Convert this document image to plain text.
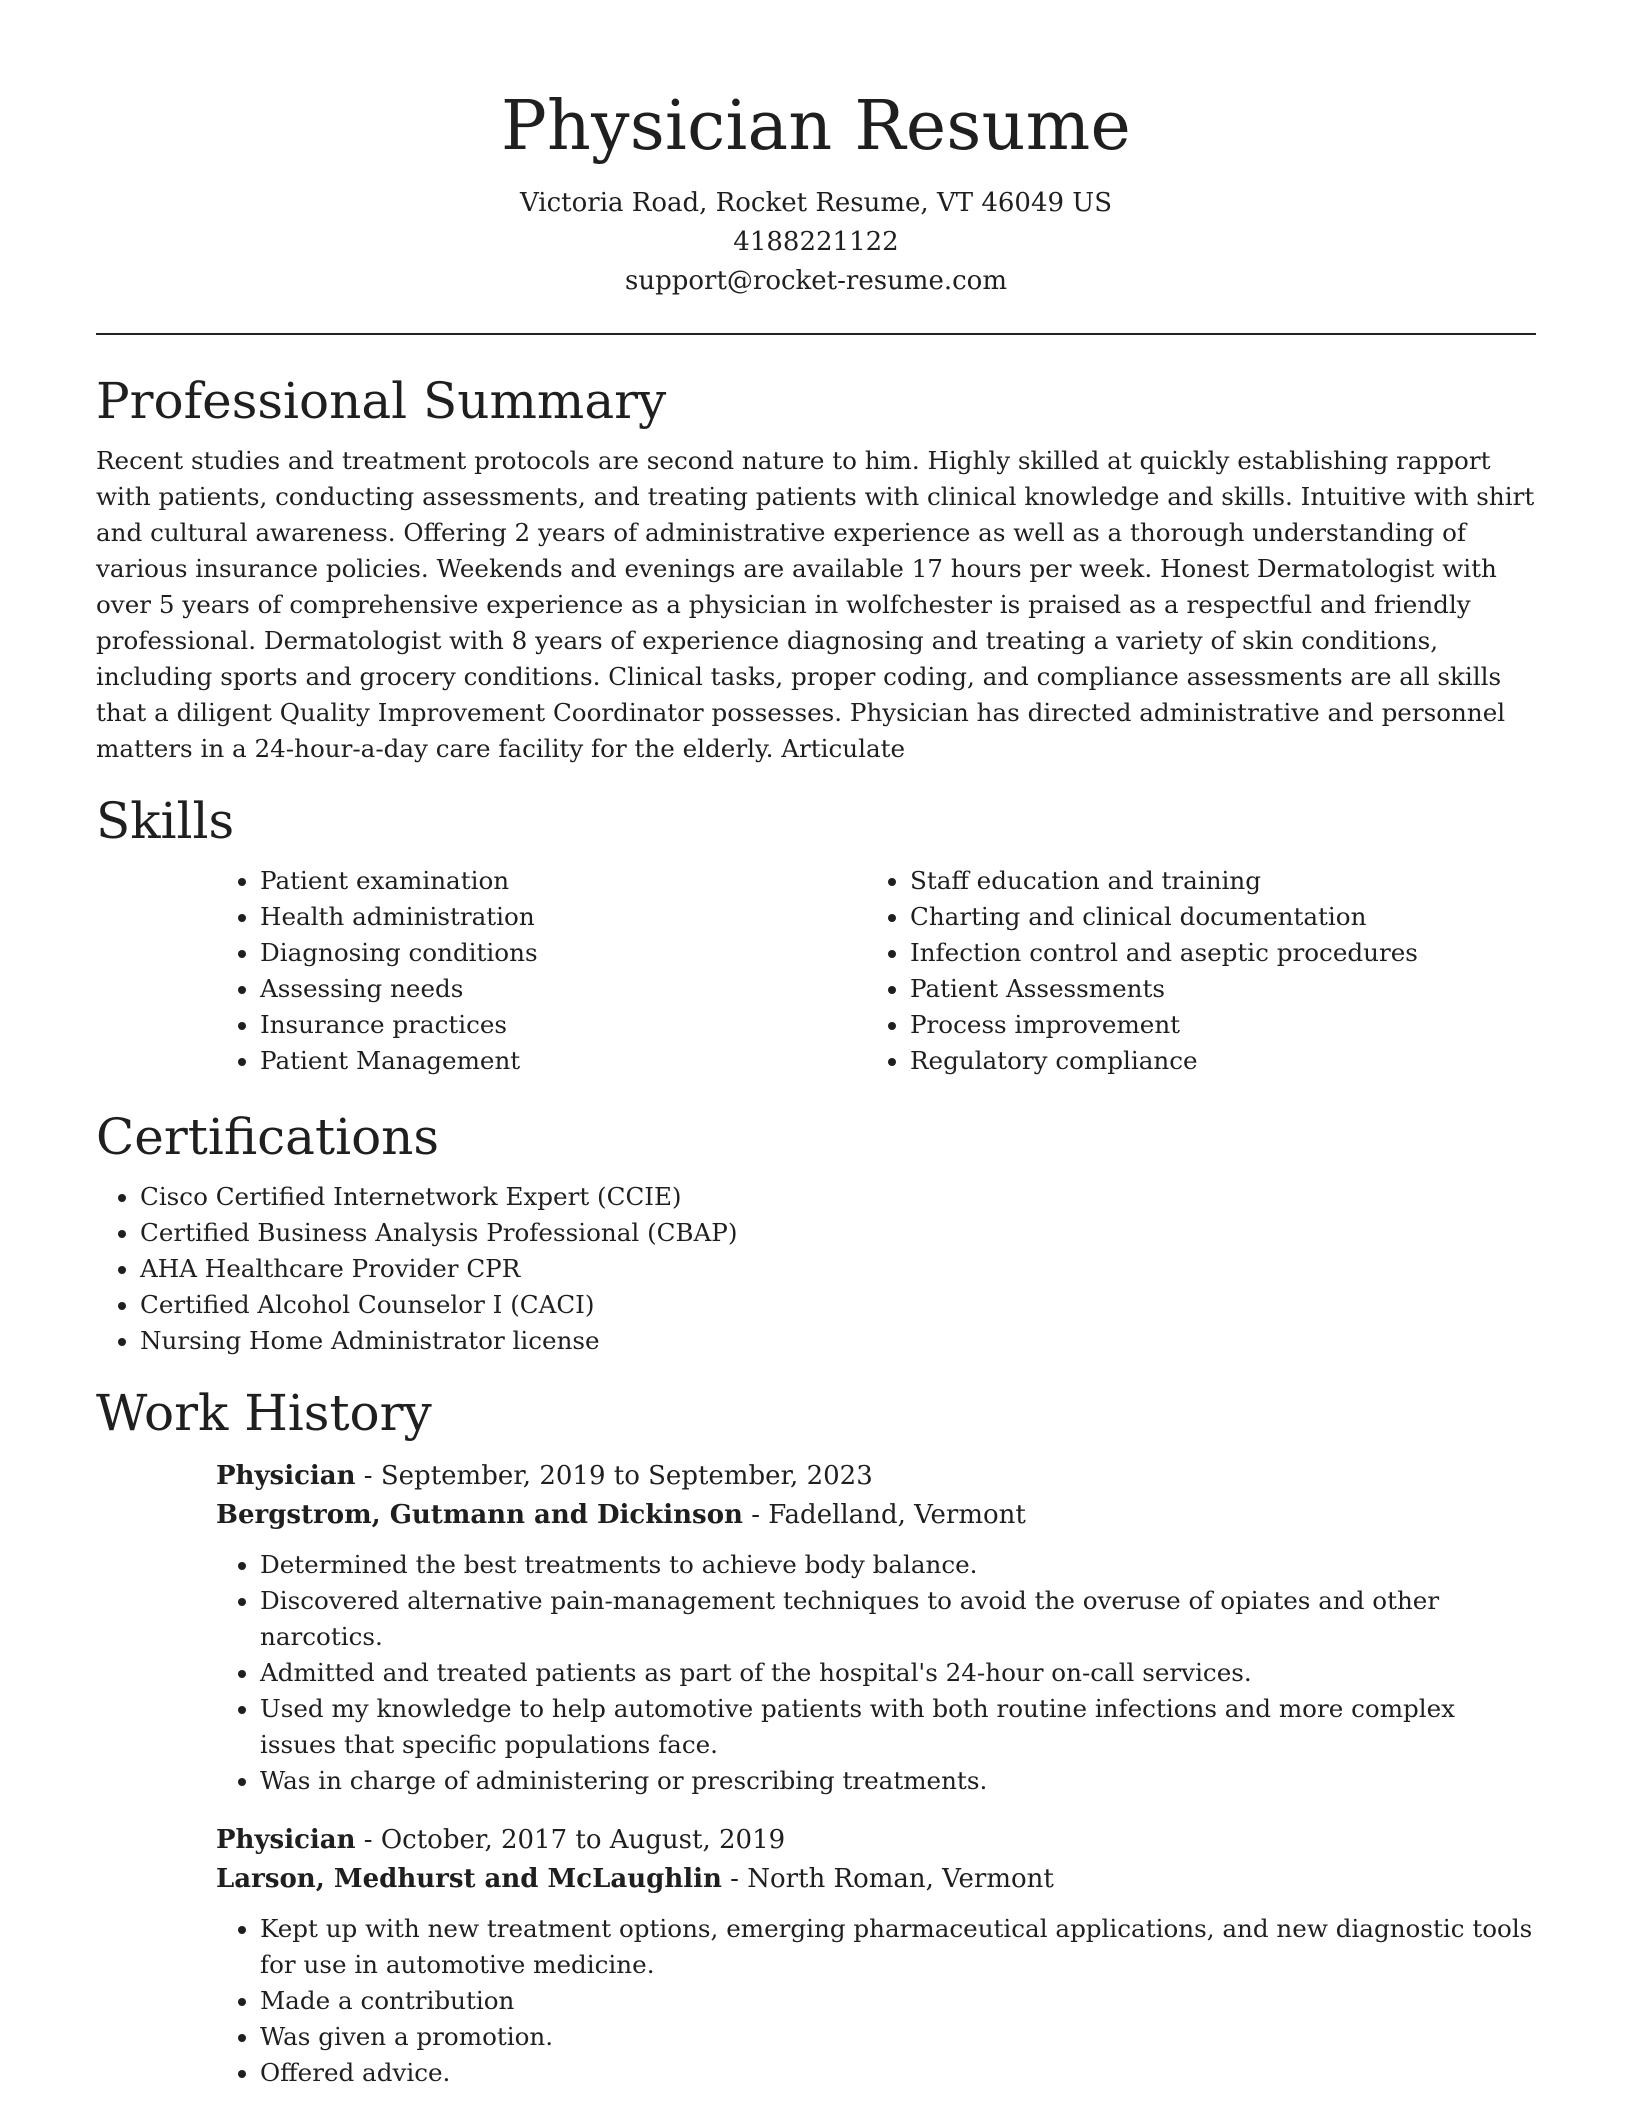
Physician Resume

Victoria Road, Rocket Resume, VT 46049 US

4188221122

support@rocket-resume.com

Professional Summary

Recent studies and treatment protocols are second nature to him. Highly skilled at quickly establishing rapport with patients, conducting assessments, and treating patients with clinical knowledge and skills. Intuitive with shirt and cultural awareness. Offering 2 years of administrative experience as well as a thorough understanding of various insurance policies. Weekends and evenings are available 17 hours per week. Honest Dermatologist with over 5 years of comprehensive experience as a physician in wolfchester is praised as a respectful and friendly professional. Dermatologist with 8 years of experience diagnosing and treating a variety of skin conditions, including sports and grocery conditions. Clinical tasks, proper coding, and compliance assessments are all skills that a diligent Quality Improvement Coordinator possesses. Physician has directed administrative and personnel matters in a 24-hour-a-day care facility for the elderly. Articulate

Skills
• Patient examination
• Health administration
• Diagnosing conditions
• Assessing needs
• Insurance practices
• Patient Management
• Staff education and training
• Charting and clinical documentation
• Infection control and aseptic procedures
• Patient Assessments
• Process improvement
• Regulatory compliance
Certifications
• Cisco Certified Internetwork Expert (CCIE)
• Certified Business Analysis Professional (CBAP)
• AHA Healthcare Provider CPR
• Certified Alcohol Counselor I (CACI)
• Nursing Home Administrator license
Work History

Physician - September, 2019 to September, 2023

Bergstrom, Gutmann and Dickinson - Fadelland, Vermont

• Determined the best treatments to achieve body balance.
• Discovered alternative pain-management techniques to avoid the overuse of opiates and other narcotics.
• Admitted and treated patients as part of the hospital's 24-hour on-call services.
• Used my knowledge to help automotive patients with both routine infections and more complex issues that specific populations face.
• Was in charge of administering or prescribing treatments.

Physician - October, 2017 to August, 2019

Larson, Medhurst and McLaughlin - North Roman, Vermont

• Kept up with new treatment options, emerging pharmaceutical applications, and new diagnostic tools for use in automotive medicine.
• Made a contribution
• Was given a promotion.
• Offered advice.
